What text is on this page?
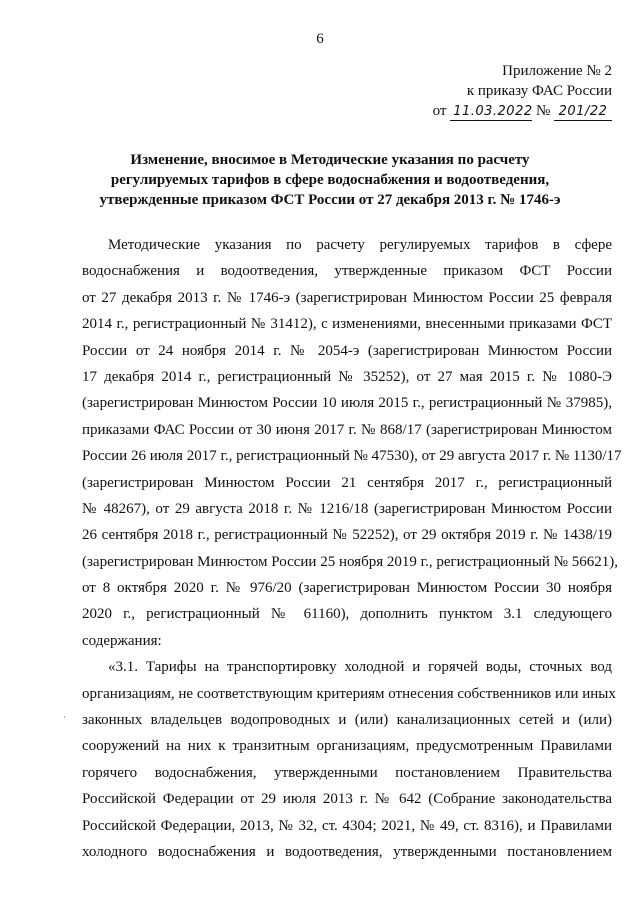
6
Приложение № 2
к приказу ФАС России
от 11.03.2022 № 201/22
Изменение, вносимое в Методические указания по расчету
регулируемых тарифов в сфере водоснабжения и водоотведения,
утвержденные приказом ФСТ России от 27 декабря 2013 г. № 1746-э
Методические указания по расчету регулируемых тарифов в сфере
водоснабжения и водоотведения, утвержденные приказом ФСТ России
от 27 декабря 2013 г. № 1746-э (зарегистрирован Минюстом России 25 февраля
2014 г., регистрационный № 31412), с изменениями, внесенными приказами ФСТ
России от 24 ноября 2014 г. № 2054-э (зарегистрирован Минюстом России
17 декабря 2014 г., регистрационный № 35252), от 27 мая 2015 г. № 1080-Э
(зарегистрирован Минюстом России 10 июля 2015 г., регистрационный № 37985),
приказами ФАС России от 30 июня 2017 г. № 868/17 (зарегистрирован Минюстом
России 26 июля 2017 г., регистрационный № 47530), от 29 августа 2017 г. № 1130/17
(зарегистрирован Минюстом России 21 сентября 2017 г., регистрационный
№ 48267), от 29 августа 2018 г. № 1216/18 (зарегистрирован Минюстом России
26 сентября 2018 г., регистрационный № 52252), от 29 октября 2019 г. № 1438/19
(зарегистрирован Минюстом России 25 ноября 2019 г., регистрационный № 56621),
от 8 октября 2020 г. № 976/20 (зарегистрирован Минюстом России 30 ноября
2020 г., регистрационный № 61160), дополнить пунктом 3.1 следующего
содержания:
«3.1. Тарифы на транспортировку холодной и горячей воды, сточных вод
организациям, не соответствующим критериям отнесения собственников или иных
законных владельцев водопроводных и (или) канализационных сетей и (или)
сооружений на них к транзитным организациям, предусмотренным Правилами
горячего водоснабжения, утвержденными постановлением Правительства
Российской Федерации от 29 июля 2013 г. № 642 (Собрание законодательства
Российской Федерации, 2013, № 32, ст. 4304; 2021, № 49, ст. 8316), и Правилами
холодного водоснабжения и водоотведения, утвержденными постановлением
·
